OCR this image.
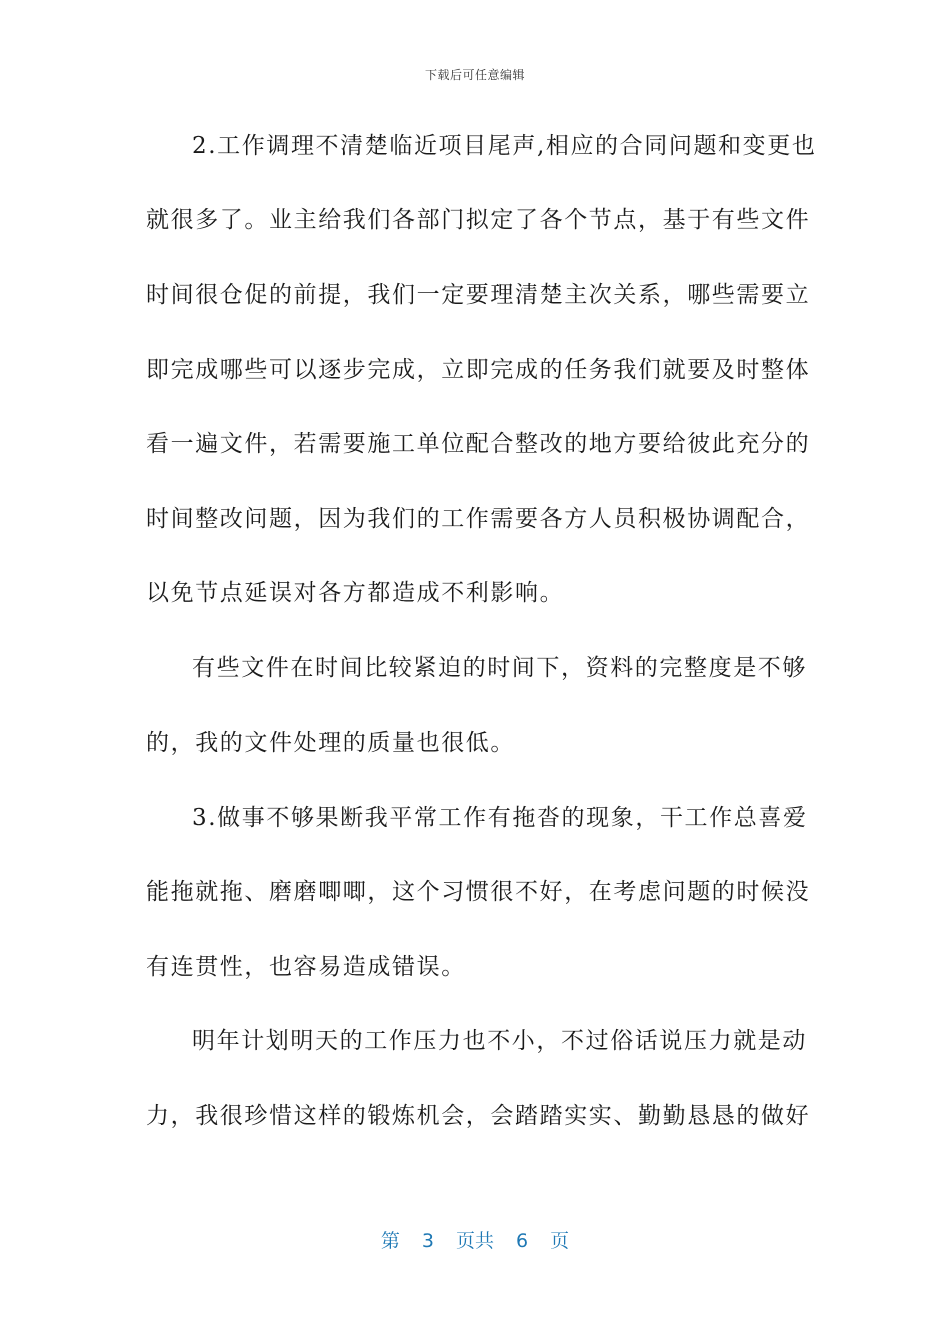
下载后可任意编辑
2.工作调理不清楚临近项目尾声,相应的合同问题和变更也
就很多了。业主给我们各部门拟定了各个节点，基于有些文件
时间很仓促的前提，我们一定要理清楚主次关系，哪些需要立
即完成哪些可以逐步完成，立即完成的任务我们就要及时整体
看一遍文件，若需要施工单位配合整改的地方要给彼此充分的
时间整改问题，因为我们的工作需要各方人员积极协调配合，
以免节点延误对各方都造成不利影响。
有些文件在时间比较紧迫的时间下，资料的完整度是不够
的，我的文件处理的质量也很低。
3.做事不够果断我平常工作有拖沓的现象，干工作总喜爱
能拖就拖、磨磨唧唧，这个习惯很不好，在考虑问题的时候没
有连贯性，也容易造成错误。
明年计划明天的工作压力也不小，不过俗话说压力就是动
力，我很珍惜这样的锻炼机会，会踏踏实实、勤勤恳恳的做好
第 3 页共 6 页
